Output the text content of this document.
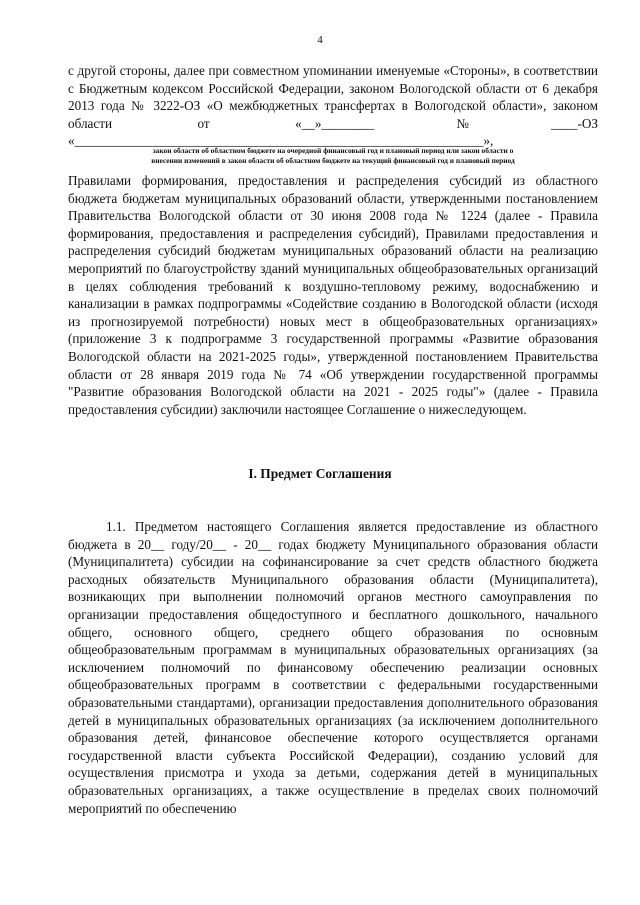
4
с другой стороны, далее при совместном упоминании именуемые «Стороны», в соответствии с Бюджетным кодексом Российской Федерации, законом Вологодской области от 6 декабря 2013 года № 3222-ОЗ «О межбюджетных трансфертах в Вологодской области», законом области от «__»________№____-ОЗ «______________________________________________________________»,
закон области об областном бюджете на очередной финансовый год и плановый период или закон области о
внесении изменений в закон области об областном бюджете на текущий финансовый год и плановый период
Правилами формирования, предоставления и распределения субсидий из областного бюджета бюджетам муниципальных образований области, утвержденными постановлением Правительства Вологодской области от 30 июня 2008 года № 1224 (далее - Правила формирования, предоставления и распределения субсидий), Правилами предоставления и распределения субсидий бюджетам муниципальных образований области на реализацию мероприятий по благоустройству зданий муниципальных общеобразовательных организаций в целях соблюдения требований к воздушно-тепловому режиму, водоснабжению и канализации в рамках подпрограммы «Содействие созданию в Вологодской области (исходя из прогнозируемой потребности) новых мест в общеобразовательных организациях» (приложение 3 к подпрограмме 3 государственной программы «Развитие образования Вологодской области на 2021-2025 годы», утвержденной постановлением Правительства области от 28 января 2019 года № 74 «Об утверждении государственной программы "Развитие образования Вологодской области на 2021 - 2025 годы"» (далее - Правила предоставления субсидии) заключили настоящее Соглашение о нижеследующем.
I. Предмет Соглашения
1.1. Предметом настоящего Соглашения является предоставление из областного бюджета в 20__ году/20__ - 20__ годах бюджету Муниципального образования области (Муниципалитета) субсидии на софинансирование за счет средств областного бюджета расходных обязательств Муниципального образования области (Муниципалитета), возникающих при выполнении полномочий органов местного самоуправления по организации предоставления общедоступного и бесплатного дошкольного, начального общего, основного общего, среднего общего образования по основным общеобразовательным программам в муниципальных образовательных организациях (за исключением полномочий по финансовому обеспечению реализации основных общеобразовательных программ в соответствии с федеральными государственными образовательными стандартами), организации предоставления дополнительного образования детей в муниципальных образовательных организациях (за исключением дополнительного образования детей, финансовое обеспечение которого осуществляется органами государственной власти субъекта Российской Федерации), созданию условий для осуществления присмотра и ухода за детьми, содержания детей в муниципальных образовательных организациях, а также осуществление в пределах своих полномочий мероприятий по обеспечению
